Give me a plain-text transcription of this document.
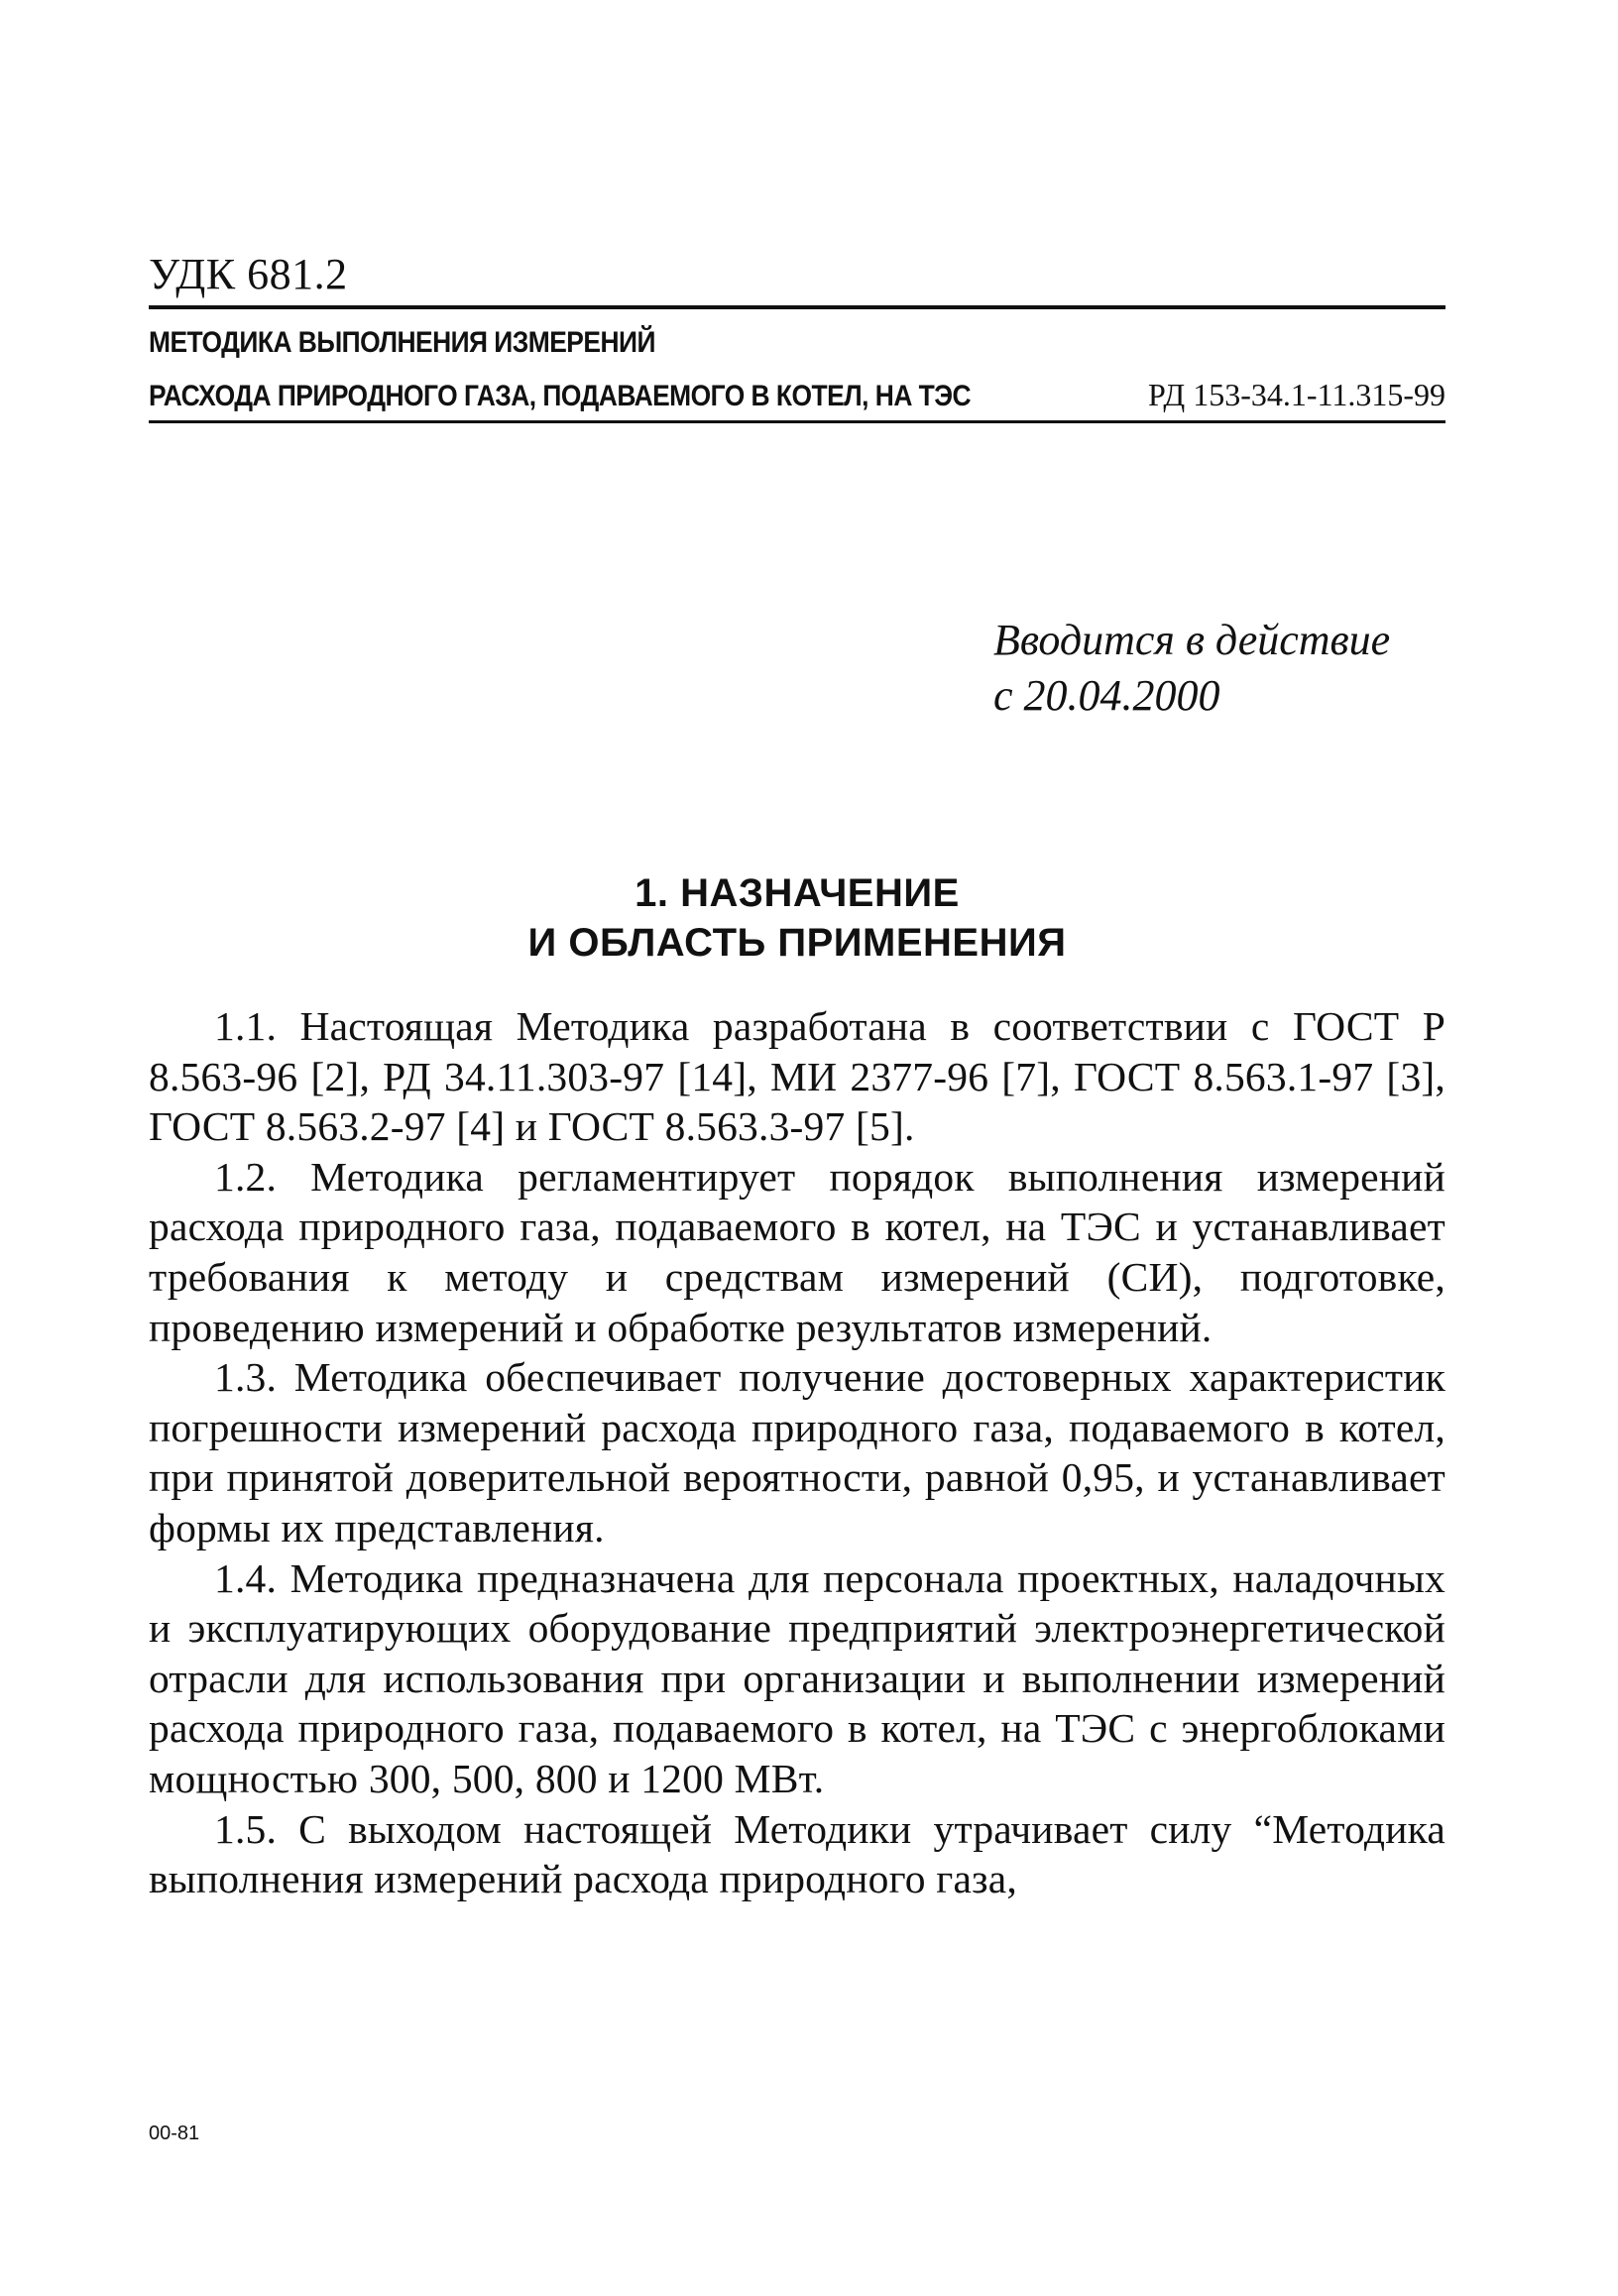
УДК 681.2
МЕТОДИКА ВЫПОЛНЕНИЯ ИЗМЕРЕНИЙ
РАСХОДА ПРИРОДНОГО ГАЗА, ПОДАВАЕМОГО В КОТЕЛ, НА ТЭС	РД 153-34.1-11.315-99
Вводится в действие
с 20.04.2000
1. НАЗНАЧЕНИЕ
И ОБЛАСТЬ ПРИМЕНЕНИЯ

1.1. Настоящая Методика разработана в соответствии с ГОСТ Р 8.563-96 [2], РД 34.11.303-97 [14], МИ 2377-96 [7], ГОСТ 8.563.1-97 [3], ГОСТ 8.563.2-97 [4] и ГОСТ 8.563.3-97 [5].

1.2. Методика регламентирует порядок выполнения измерений расхода природного газа, подаваемого в котел, на ТЭС и устанавливает требования к методу и средствам измерений (СИ), подготовке, проведению измерений и обработке результатов измерений.

1.3. Методика обеспечивает получение достоверных характеристик погрешности измерений расхода природного газа, подаваемого в котел, при принятой доверительной вероятности, равной 0,95, и устанавливает формы их представления.

1.4. Методика предназначена для персонала проектных, наладочных и эксплуатирующих оборудование предприятий электроэнергетической отрасли для использования при организации и выполнении измерений расхода природного газа, подаваемого в котел, на ТЭС с энергоблоками мощностью 300, 500, 800 и 1200 МВт.

1.5. С выходом настоящей Методики утрачивает силу “Методика выполнения измерений расхода природного газа,

00-81
